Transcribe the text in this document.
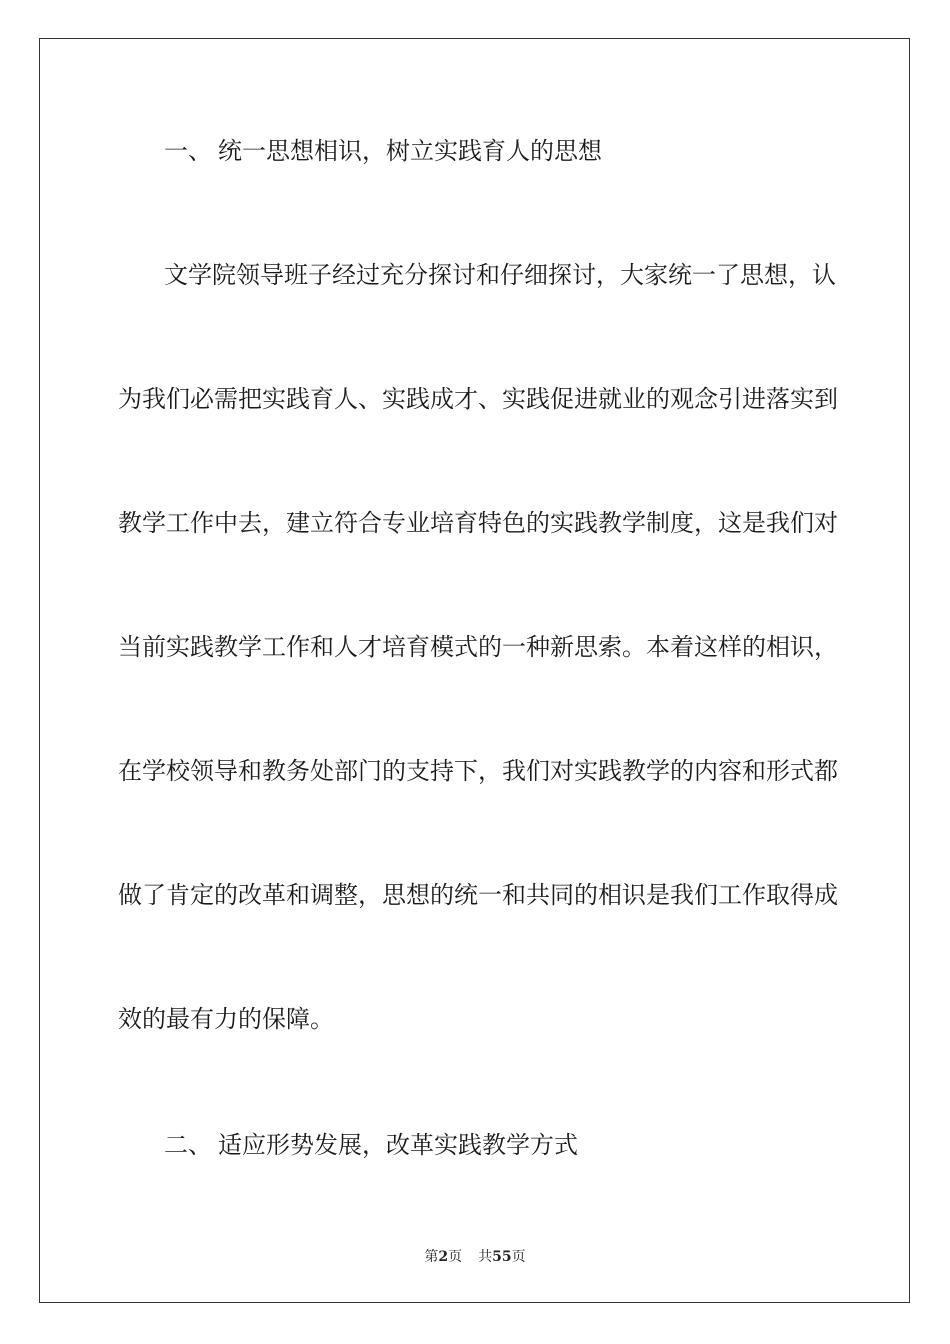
一、 统一思想相识，树立实践育人的思想
文学院领导班子经过充分探讨和仔细探讨，大家统一了思想，认
为我们必需把实践育人、实践成才、实践促进就业的观念引进落实到
教学工作中去，建立符合专业培育特色的实践教学制度，这是我们对
当前实践教学工作和人才培育模式的一种新思索。本着这样的相识，
在学校领导和教务处部门的支持下，我们对实践教学的内容和形式都
做了肯定的改革和调整，思想的统一和共同的相识是我们工作取得成
效的最有力的保障。
二、 适应形势发展，改革实践教学方式
第2页 共55页
